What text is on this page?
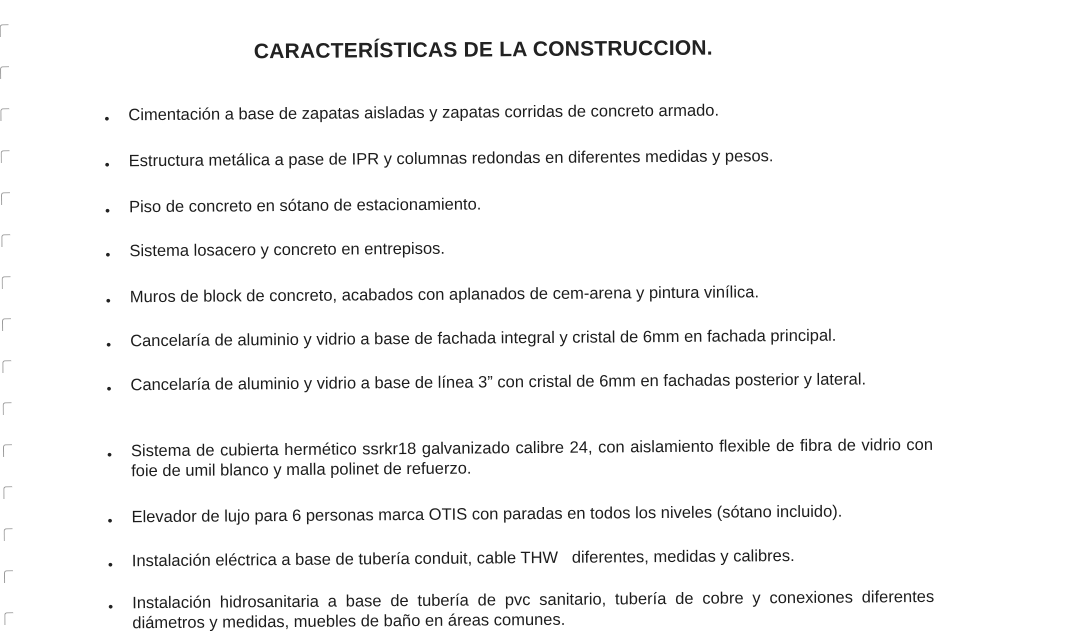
CARACTERÍSTICAS DE LA CONSTRUCCION.
•	Cimentación a base de zapatas aisladas y zapatas corridas de concreto armado.
•	Estructura metálica a pase de IPR y columnas redondas en diferentes medidas y pesos.
•	Piso de concreto en sótano de estacionamiento.
•	Sistema losacero y concreto en entrepisos.
•	Muros de block de concreto, acabados con aplanados de cem-arena y pintura vinílica.
•	Cancelaría de aluminio y vidrio a base de fachada integral y cristal de 6mm en fachada principal.
•	Cancelaría de aluminio y vidrio a base de línea 3” con cristal de 6mm en fachadas posterior y lateral.
•	Sistema de cubierta hermético ssrkr18 galvanizado calibre 24, con aislamiento flexible de fibra de vidrio con foie de umil blanco y malla polinet de refuerzo.
•	Elevador de lujo para 6 personas marca OTIS con paradas en todos los niveles (sótano incluido).
•	Instalación eléctrica a base de tubería conduit, cable THW   diferentes, medidas y calibres.
•	Instalación hidrosanitaria a base de tubería de pvc sanitario, tubería de cobre y conexiones diferentes diámetros y medidas, muebles de baño en áreas comunes.
